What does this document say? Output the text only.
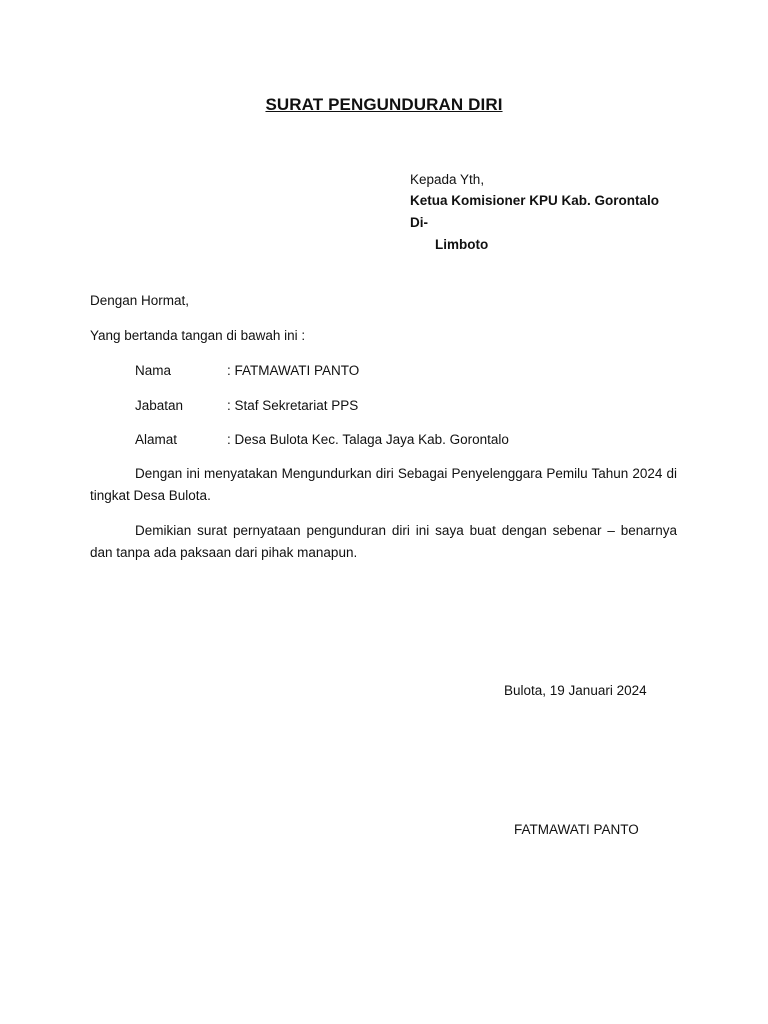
SURAT PENGUNDURAN DIRI
Kepada Yth,
Ketua Komisioner KPU Kab. Gorontalo
Di-
Limboto
Dengan Hormat,
Yang bertanda tangan di bawah ini :
Nama	: FATMAWATI PANTO
Jabatan	: Staf Sekretariat PPS
Alamat	: Desa Bulota Kec. Talaga Jaya Kab. Gorontalo
Dengan ini menyatakan Mengundurkan diri Sebagai Penyelenggara Pemilu Tahun 2024 di tingkat Desa Bulota.
Demikian surat pernyataan pengunduran diri ini saya buat dengan sebenar – benarnya dan tanpa ada paksaan dari pihak manapun.
Bulota, 19 Januari 2024
FATMAWATI PANTO
